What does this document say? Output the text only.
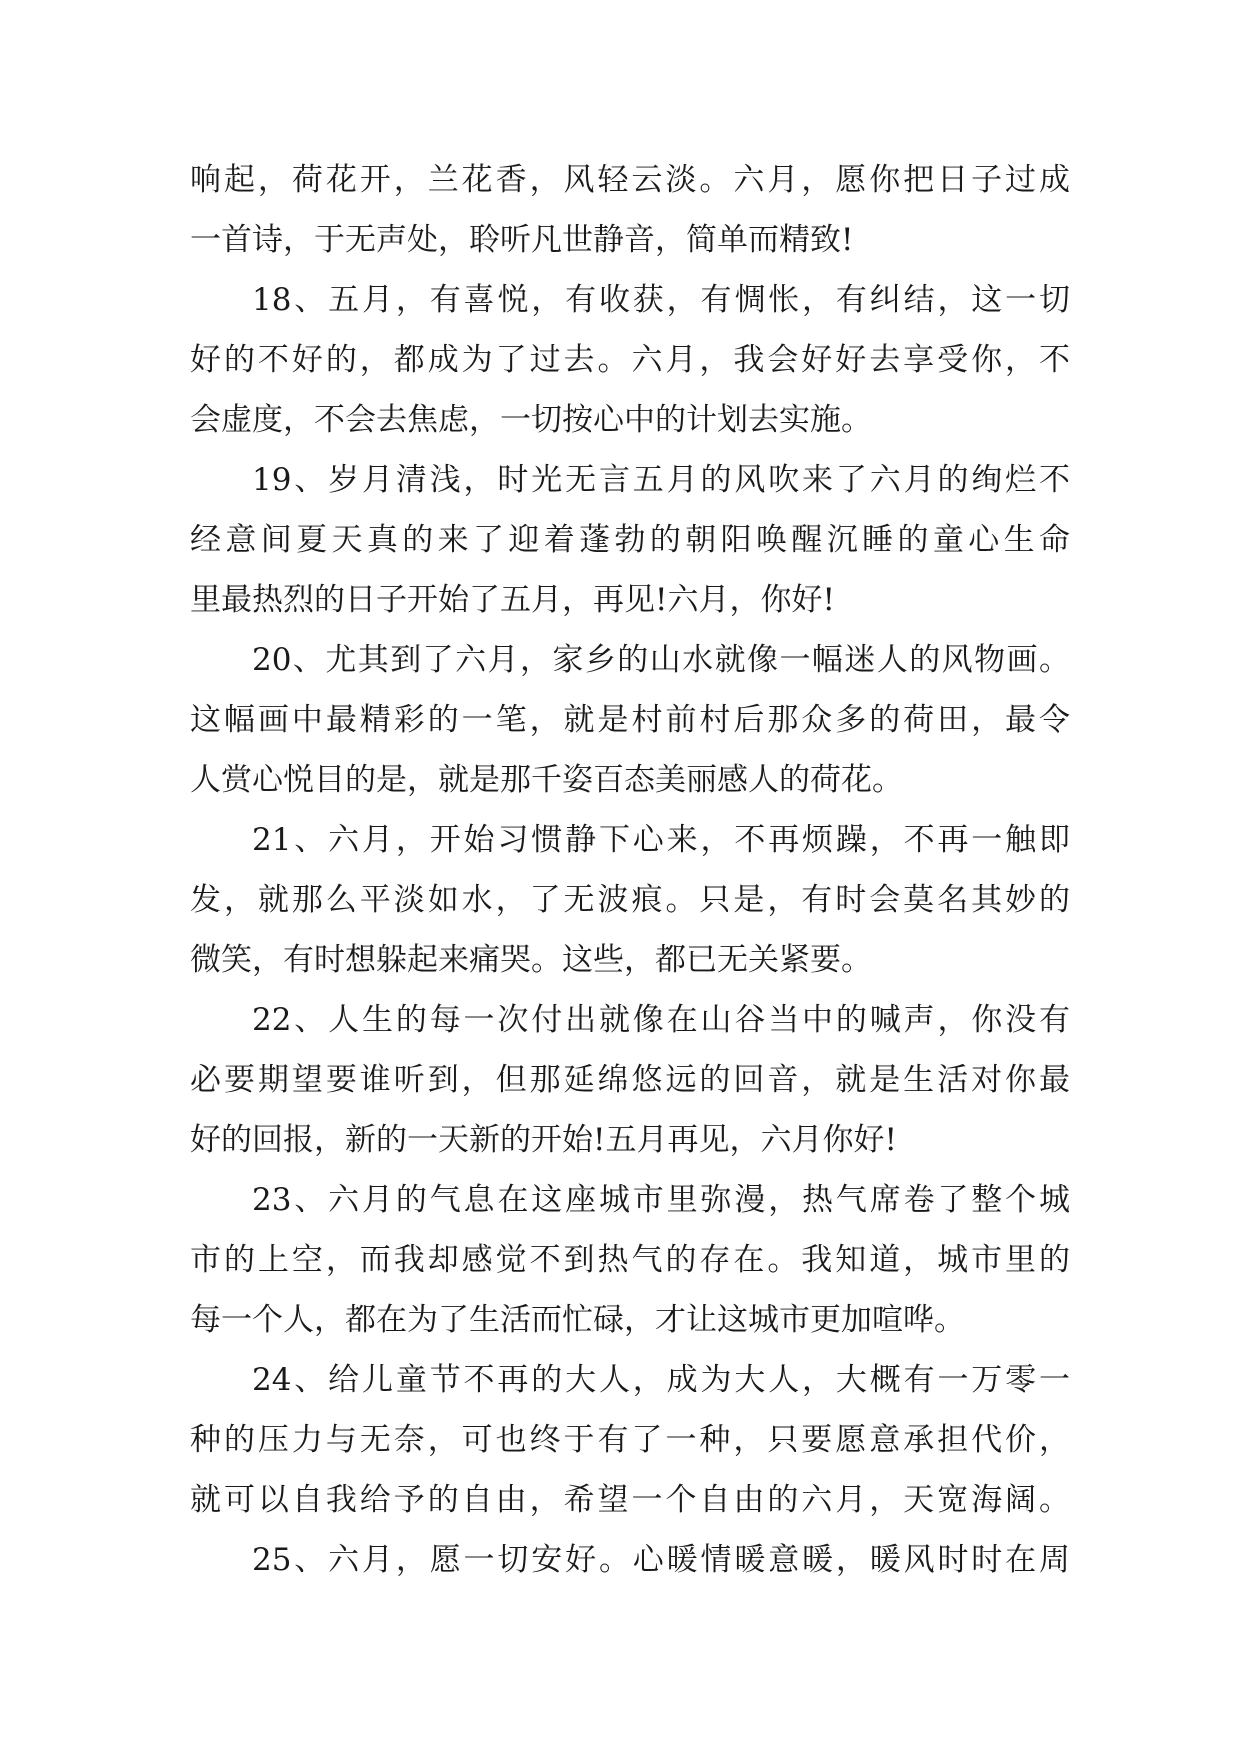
响起，荷花开，兰花香，风轻云淡。六月，愿你把日子过成
一首诗，于无声处，聆听凡世静音，简单而精致!
18、五月，有喜悦，有收获，有惆怅，有纠结，这一切
好的不好的，都成为了过去。六月，我会好好去享受你，不
会虚度，不会去焦虑，一切按心中的计划去实施。
19、岁月清浅，时光无言五月的风吹来了六月的绚烂不
经意间夏天真的来了迎着蓬勃的朝阳唤醒沉睡的童心生命
里最热烈的日子开始了五月，再见!六月，你好!
20、尤其到了六月，家乡的山水就像一幅迷人的风物画。
这幅画中最精彩的一笔，就是村前村后那众多的荷田，最令
人赏心悦目的是，就是那千姿百态美丽感人的荷花。
21、六月，开始习惯静下心来，不再烦躁，不再一触即
发，就那么平淡如水，了无波痕。只是，有时会莫名其妙的
微笑，有时想躲起来痛哭。这些，都已无关紧要。
22、人生的每一次付出就像在山谷当中的喊声，你没有
必要期望要谁听到，但那延绵悠远的回音，就是生活对你最
好的回报，新的一天新的开始!五月再见，六月你好!
23、六月的气息在这座城市里弥漫，热气席卷了整个城
市的上空，而我却感觉不到热气的存在。我知道，城市里的
每一个人，都在为了生活而忙碌，才让这城市更加喧哗。
24、给儿童节不再的大人，成为大人，大概有一万零一
种的压力与无奈，可也终于有了一种，只要愿意承担代价，
就可以自我给予的自由，希望一个自由的六月，天宽海阔。
25、六月，愿一切安好。心暖情暖意暖，暖风时时在周
